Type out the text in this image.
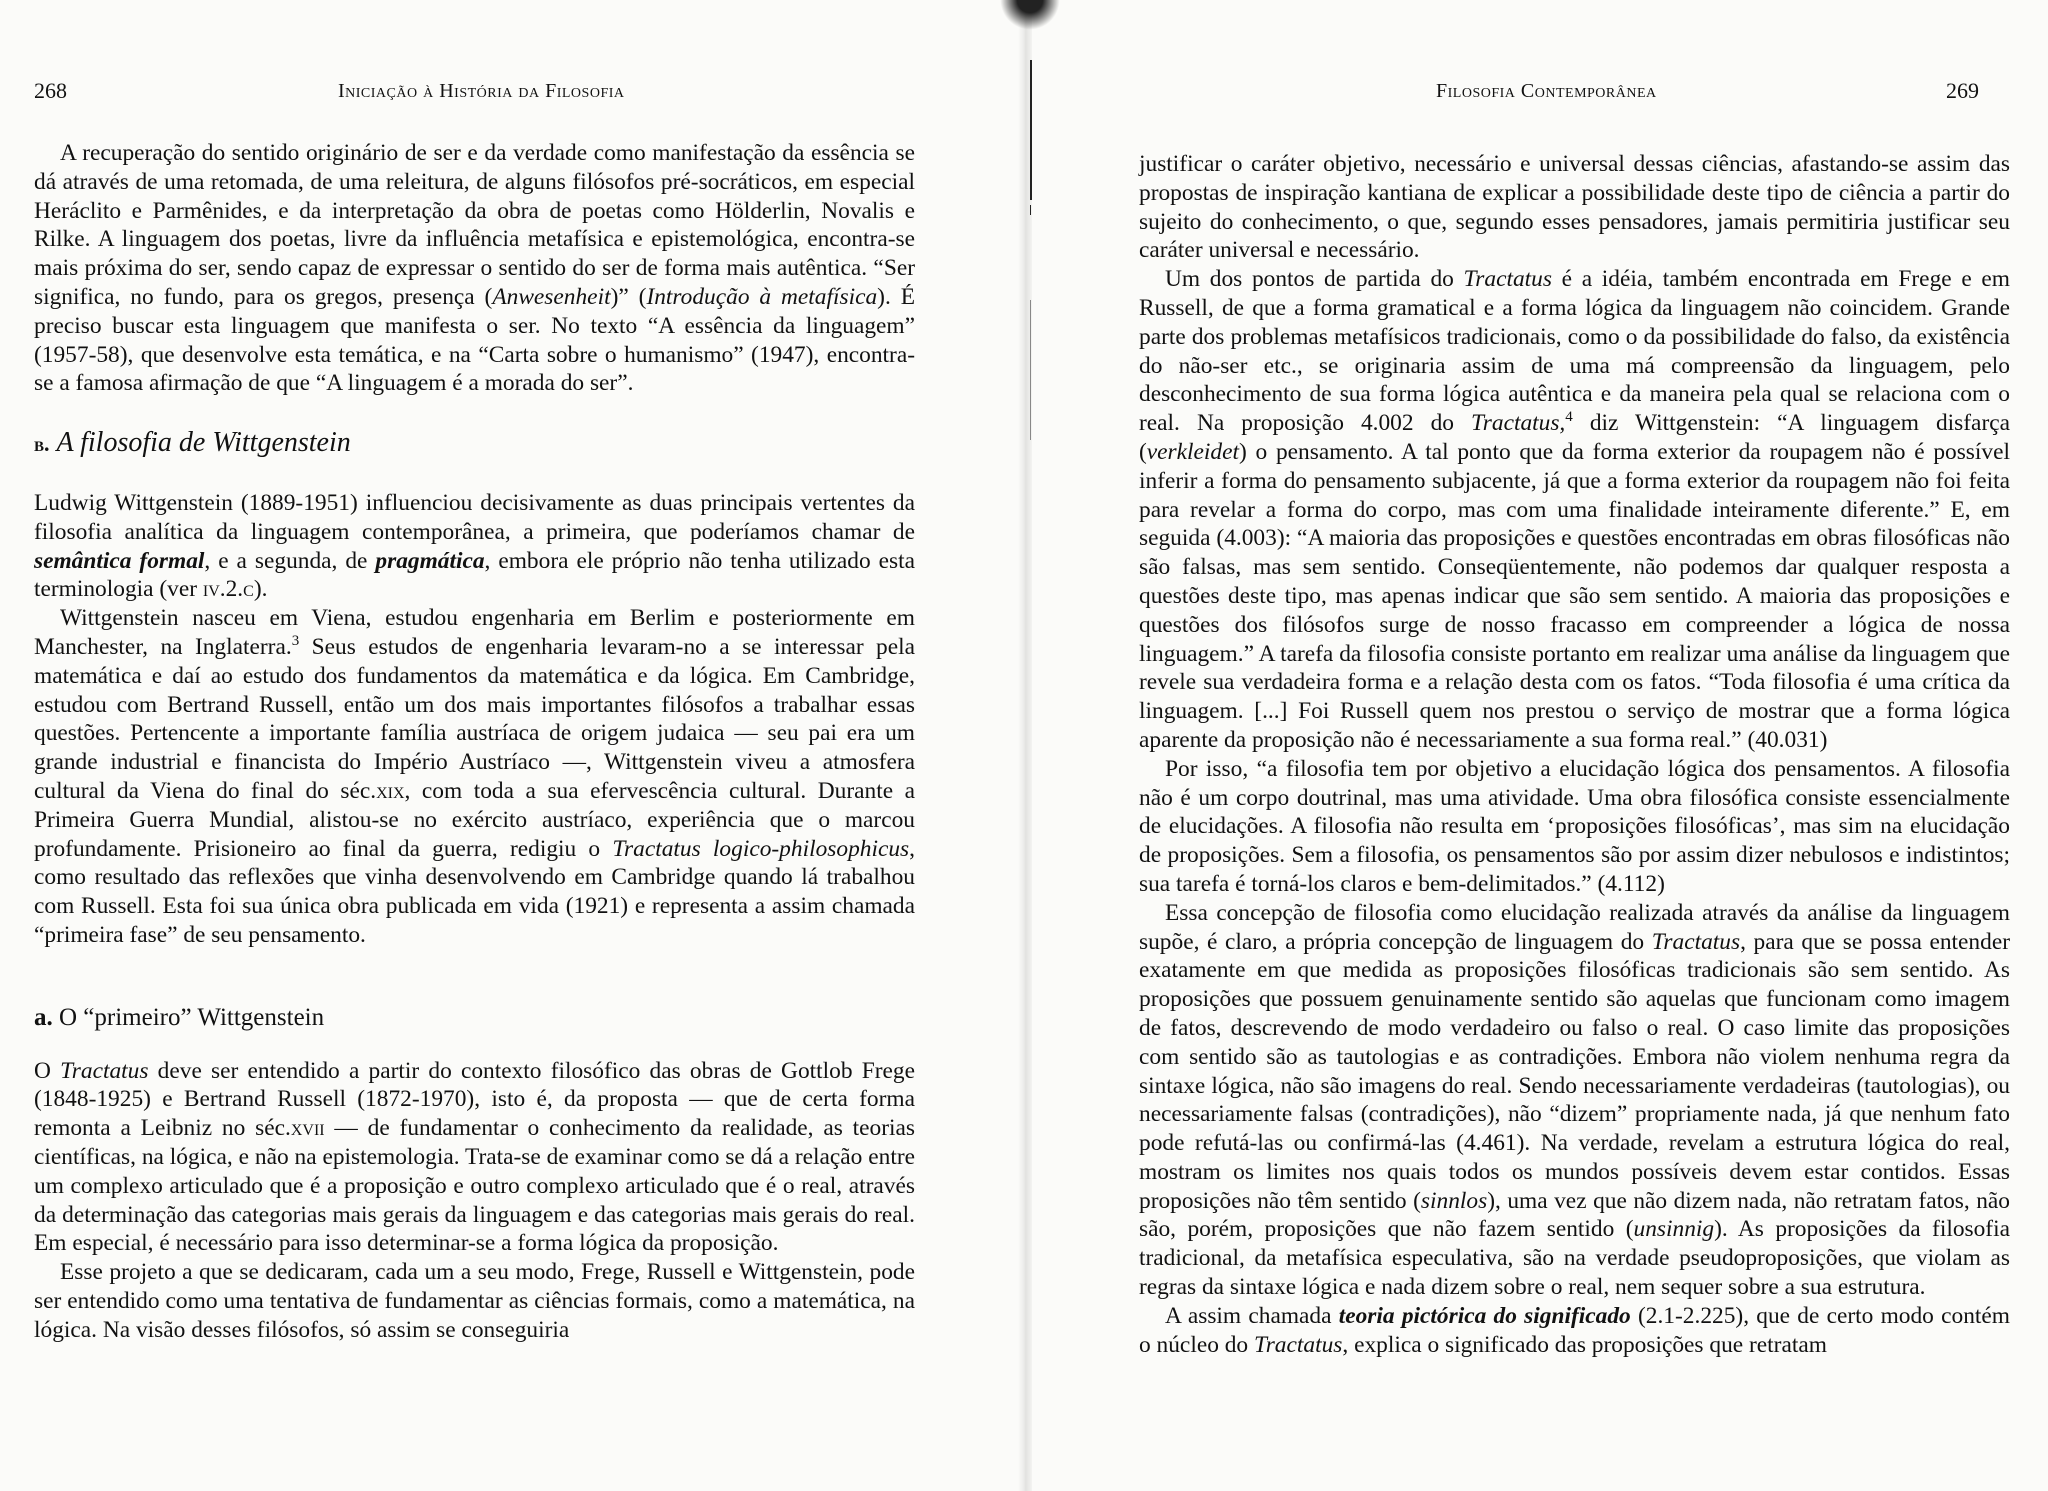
268	Iniciação à História da Filosofia

A recuperação do sentido originário de ser e da verdade como manifestação da essência se dá através de uma retomada, de uma releitura, de alguns filósofos pré-socráticos, em especial Heráclito e Parmênides, e da interpretação da obra de poetas como Hölderlin, Novalis e Rilke. A linguagem dos poetas, livre da influência metafísica e epistemológica, encontra-se mais próxima do ser, sendo capaz de expressar o sentido do ser de forma mais autêntica. “Ser significa, no fundo, para os gregos, presença (Anwesenheit)” (Introdução à metafísica). É preciso buscar esta linguagem que manifesta o ser. No texto “A essência da linguagem” (1957-58), que desenvolve esta temática, e na “Carta sobre o humanismo” (1947), encontra-se a famosa afirmação de que “A linguagem é a morada do ser”.

b. A filosofia de Wittgenstein

Ludwig Wittgenstein (1889-1951) influenciou decisivamente as duas principais vertentes da filosofia analítica da linguagem contemporânea, a primeira, que poderíamos chamar de semântica formal, e a segunda, de pragmática, embora ele próprio não tenha utilizado esta terminologia (ver iv.2.c).

Wittgenstein nasceu em Viena, estudou engenharia em Berlim e posteriormente em Manchester, na Inglaterra.$^3$ Seus estudos de engenharia levaram-no a se interessar pela matemática e daí ao estudo dos fundamentos da matemática e da lógica. Em Cambridge, estudou com Bertrand Russell, então um dos mais importantes filósofos a trabalhar essas questões. Pertencente a importante família austríaca de origem judaica — seu pai era um grande industrial e financista do Império Austríaco —, Wittgenstein viveu a atmosfera cultural da Viena do final do séc.xix, com toda a sua efervescência cultural. Durante a Primeira Guerra Mundial, alistou-se no exército austríaco, experiência que o marcou profundamente. Prisioneiro ao final da guerra, redigiu o Tractatus logico-philosophicus, como resultado das reflexões que vinha desenvolvendo em Cambridge quando lá trabalhou com Russell. Esta foi sua única obra publicada em vida (1921) e representa a assim chamada “primeira fase” de seu pensamento.

a. O “primeiro” Wittgenstein

O Tractatus deve ser entendido a partir do contexto filosófico das obras de Gottlob Frege (1848-1925) e Bertrand Russell (1872-1970), isto é, da proposta — que de certa forma remonta a Leibniz no séc.xvii — de fundamentar o conhecimento da realidade, as teorias científicas, na lógica, e não na epistemologia. Trata-se de examinar como se dá a relação entre um complexo articulado que é a proposição e outro complexo articulado que é o real, através da determinação das categorias mais gerais da linguagem e das categorias mais gerais do real. Em especial, é necessário para isso determinar-se a forma lógica da proposição.

Esse projeto a que se dedicaram, cada um a seu modo, Frege, Russell e Wittgenstein, pode ser entendido como uma tentativa de fundamentar as ciências formais, como a matemática, na lógica. Na visão desses filósofos, só assim se conseguiria

Filosofia Contemporânea	269

justificar o caráter objetivo, necessário e universal dessas ciências, afastando-se assim das propostas de inspiração kantiana de explicar a possibilidade deste tipo de ciência a partir do sujeito do conhecimento, o que, segundo esses pensadores, jamais permitiria justificar seu caráter universal e necessário.

Um dos pontos de partida do Tractatus é a idéia, também encontrada em Frege e em Russell, de que a forma gramatical e a forma lógica da linguagem não coincidem. Grande parte dos problemas metafísicos tradicionais, como o da possibilidade do falso, da existência do não-ser etc., se originaria assim de uma má compreensão da linguagem, pelo desconhecimento de sua forma lógica autêntica e da maneira pela qual se relaciona com o real. Na proposição 4.002 do Tractatus,$^4$ diz Wittgenstein: “A linguagem disfarça (verkleidet) o pensamento. A tal ponto que da forma exterior da roupagem não é possível inferir a forma do pensamento subjacente, já que a forma exterior da roupagem não foi feita para revelar a forma do corpo, mas com uma finalidade inteiramente diferente.” E, em seguida (4.003): “A maioria das proposições e questões encontradas em obras filosóficas não são falsas, mas sem sentido. Conseqüentemente, não podemos dar qualquer resposta a questões deste tipo, mas apenas indicar que são sem sentido. A maioria das proposições e questões dos filósofos surge de nosso fracasso em compreender a lógica de nossa linguagem.” A tarefa da filosofia consiste portanto em realizar uma análise da linguagem que revele sua verdadeira forma e a relação desta com os fatos. “Toda filosofia é uma crítica da linguagem. [...] Foi Russell quem nos prestou o serviço de mostrar que a forma lógica aparente da proposição não é necessariamente a sua forma real.” (40.031)

Por isso, “a filosofia tem por objetivo a elucidação lógica dos pensamentos. A filosofia não é um corpo doutrinal, mas uma atividade. Uma obra filosófica consiste essencialmente de elucidações. A filosofia não resulta em ‘proposições filosóficas’, mas sim na elucidação de proposições. Sem a filosofia, os pensamentos são por assim dizer nebulosos e indistintos; sua tarefa é torná-los claros e bem-delimitados.” (4.112)

Essa concepção de filosofia como elucidação realizada através da análise da linguagem supõe, é claro, a própria concepção de linguagem do Tractatus, para que se possa entender exatamente em que medida as proposições filosóficas tradicionais são sem sentido. As proposições que possuem genuinamente sentido são aquelas que funcionam como imagem de fatos, descrevendo de modo verdadeiro ou falso o real. O caso limite das proposições com sentido são as tautologias e as contradições. Embora não violem nenhuma regra da sintaxe lógica, não são imagens do real. Sendo necessariamente verdadeiras (tautologias), ou necessariamente falsas (contradições), não “dizem” propriamente nada, já que nenhum fato pode refutá-las ou confirmá-las (4.461). Na verdade, revelam a estrutura lógica do real, mostram os limites nos quais todos os mundos possíveis devem estar contidos. Essas proposições não têm sentido (sinnlos), uma vez que não dizem nada, não retratam fatos, não são, porém, proposições que não fazem sentido (unsinnig). As proposições da filosofia tradicional, da metafísica especulativa, são na verdade pseudoproposições, que violam as regras da sintaxe lógica e nada dizem sobre o real, nem sequer sobre a sua estrutura.

A assim chamada teoria pictórica do significado (2.1-2.225), que de certo modo contém o núcleo do Tractatus, explica o significado das proposições que retratam
